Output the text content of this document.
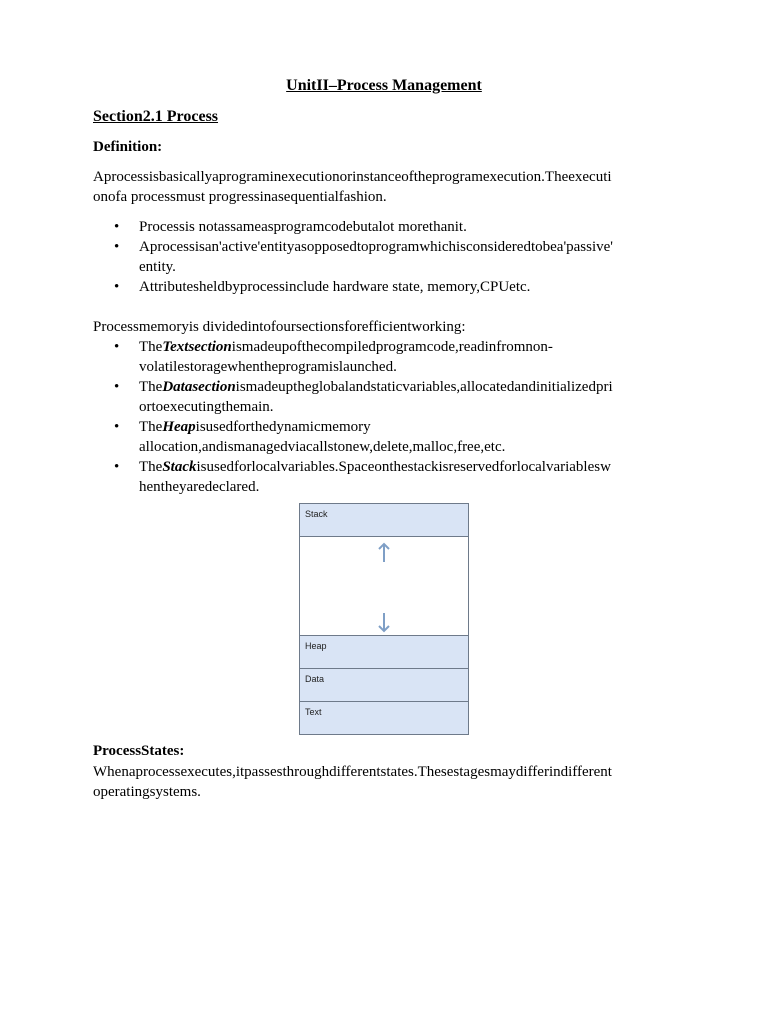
UnitII–Process Management
Section2.1 Process
Definition:
Aprocessisbasicallyaprograminexecutionorinstanceoftheprogramexecution.Theexecuti
onofa processmust progressinasequentialfashion.
• Processis notassameasprogramcodebutalot morethanit.
• Aprocessisan'active'entityasopposedtoprogramwhichisconsideredtobea'passive'
entity.
• Attributesheldbyprocessinclude hardware state, memory,CPUetc.
Processmemoryis dividedintofoursectionsforefficientworking:
• TheTextsectionismadeupofthecompiledprogramcode,readinfromnon-
volatilestoragewhentheprogramislaunched.
• TheDatasectionismadeuptheglobalandstaticvariables,allocatedandinitializedpri
ortoexecutingthemain.
• TheHeapisusedforthedynamicmemory
allocation,andismanagedviacallstonew,delete,malloc,free,etc.
• TheStackisusedforlocalvariables.Spaceonthestackisreservedforlocalvariablesw
hentheyaredeclared.
Stack
Heap
Data
Text
ProcessStates:
Whenaprocessexecutes,itpassesthroughdifferentstates.Thesestagesmaydifferindifferent
operatingsystems.
